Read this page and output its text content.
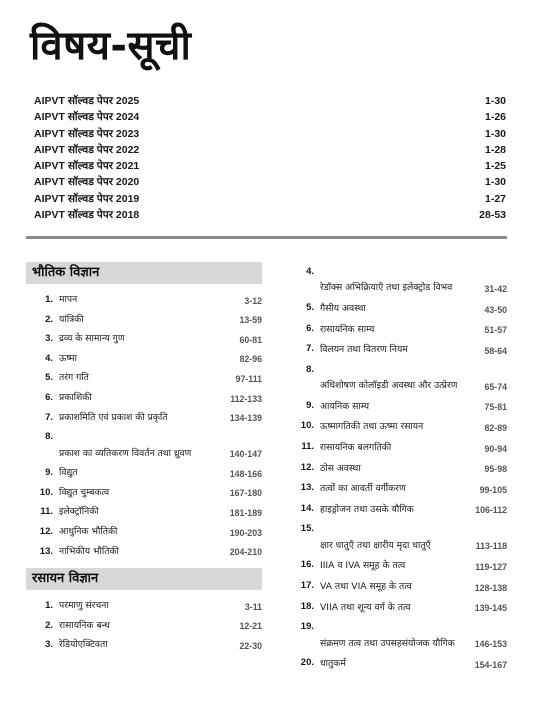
विषय-सूची
AIPVT सॉल्वड पेपर 2025	1-30
AIPVT सॉल्वड पेपर 2024	1-26
AIPVT सॉल्वड पेपर 2023	1-30
AIPVT सॉल्वड पेपर 2022	1-28
AIPVT सॉल्वड पेपर 2021	1-25
AIPVT सॉल्वड पेपर 2020	1-30
AIPVT सॉल्वड पेपर 2019	1-27
AIPVT सॉल्वड पेपर 2018	28-53
भौतिक विज्ञान
1. मापन	3-12
2. यांत्रिकी	13-59
3. द्रव्य के सामान्य गुण	60-81
4. ऊष्मा	82-96
5. तरंग गति	97-111
6. प्रकाशिकी	112-133
7. प्रकाशमिति एवं प्रकाश की प्रकृति	134-139
8.
प्रकाश का व्यतिकरण विवर्तन तथा ध्रुवण	140-147
9. विद्युत	148-166
10. विद्युत चुम्बकत्व	167-180
11. इलेक्ट्रॉनिकी	181-189
12. आधुनिक भौतिकी	190-203
13. नाभिकीय भौतिकी	204-210
रसायन विज्ञान
1. परमाणु संरचना	3-11
2. रासायनिक बन्ध	12-21
3. रेडियोएक्टिवता	22-30
4.
रेडॉक्स अभिक्रियाएँ तथा इलेक्ट्रोड विभव	31-42
5. गैसीय अवस्था	43-50
6. रासायनिक साम्य	51-57
7. विलयन तथा वितरण नियम	58-64
8.
अधिशोषण कोलॉइडी अवस्था और उत्प्रेरण	65-74
9. आयनिक साम्य	75-81
10. ऊष्मागतिकी तथा ऊष्मा रसायन	82-89
11. रासायनिक बलगतिकी	90-94
12. ठोस अवस्था	95-98
13. तत्वों का आवर्ती वर्गीकरण	99-105
14. हाइड्रोजन तथा उसके यौगिक	106-112
15.
क्षार धातुएँ तथा क्षारीय मृदा धातुएँ	113-118
16. IIIA व IVA समूह के तत्व	119-127
17. VA तथा VIA समूह के तत्व	128-138
18. VIIA तथा शून्य वर्ग के तत्व	139-145
19.
संक्रमण तत्व तथा उपसहसंयोजक यौगिक	146-153
20. धातुकर्म	154-167
